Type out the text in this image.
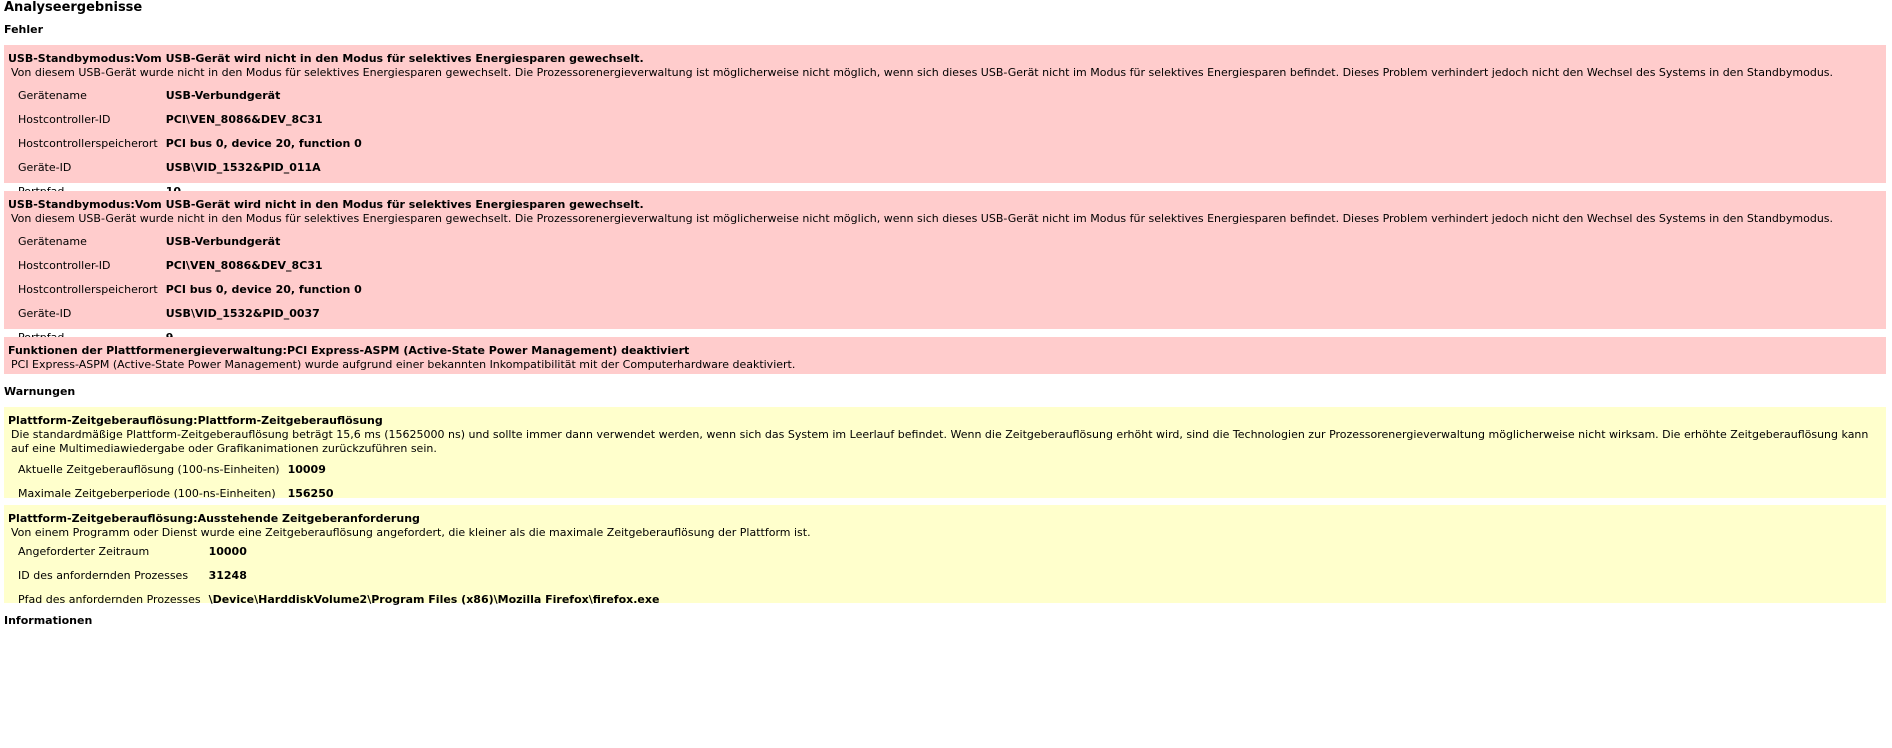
Analyseergebnisse
Fehler
USB-Standbymodus:Vom USB-Gerät wird nicht in den Modus für selektives Energiesparen gewechselt.
Von diesem USB-Gerät wurde nicht in den Modus für selektives Energiesparen gewechselt. Die Prozessorenergieverwaltung ist möglicherweise nicht möglich, wenn sich dieses USB-Gerät nicht im Modus für selektives Energiesparen befindet. Dieses Problem verhindert jedoch nicht den Wechsel des Systems in den Standbymodus.
Gerätename	USB-Verbundgerät
Hostcontroller-ID	PCI\VEN_8086&DEV_8C31
Hostcontrollerspeicherort	PCI bus 0, device 20, function 0
Geräte-ID	USB\VID_1532&PID_011A

USB-Standbymodus:Vom USB-Gerät wird nicht in den Modus für selektives Energiesparen gewechselt.
Von diesem USB-Gerät wurde nicht in den Modus für selektives Energiesparen gewechselt. Die Prozessorenergieverwaltung ist möglicherweise nicht möglich, wenn sich dieses USB-Gerät nicht im Modus für selektives Energiesparen befindet. Dieses Problem verhindert jedoch nicht den Wechsel des Systems in den Standbymodus.
Gerätename	USB-Verbundgerät
Hostcontroller-ID	PCI\VEN_8086&DEV_8C31
Hostcontrollerspeicherort	PCI bus 0, device 20, function 0
Geräte-ID	USB\VID_1532&PID_0037

Funktionen der Plattformenergieverwaltung:PCI Express-ASPM (Active-State Power Management) deaktiviert
PCI Express-ASPM (Active-State Power Management) wurde aufgrund einer bekannten Inkompatibilität mit der Computerhardware deaktiviert.
Warnungen
Plattform-Zeitgeberauflösung:Plattform-Zeitgeberauflösung
Die standardmäßige Plattform-Zeitgeberauflösung beträgt 15,6 ms (15625000 ns) und sollte immer dann verwendet werden, wenn sich das System im Leerlauf befindet. Wenn die Zeitgeberauflösung erhöht wird, sind die Technologien zur Prozessorenergieverwaltung möglicherweise nicht wirksam. Die erhöhte Zeitgeberauflösung kann auf eine Multimediawiedergabe oder Grafikanimationen zurückzuführen sein.
Aktuelle Zeitgeberauflösung (100-ns-Einheiten)	10009
Maximale Zeitgeberperiode (100-ns-Einheiten)	156250
Plattform-Zeitgeberauflösung:Ausstehende Zeitgeberanforderung
Von einem Programm oder Dienst wurde eine Zeitgeberauflösung angefordert, die kleiner als die maximale Zeitgeberauflösung der Plattform ist.
Angeforderter Zeitraum	10000
ID des anfordernden Prozesses	31248
Pfad des anfordernden Prozesses	\Device\HarddiskVolume2\Program Files (x86)\Mozilla Firefox\firefox.exe
Informationen
